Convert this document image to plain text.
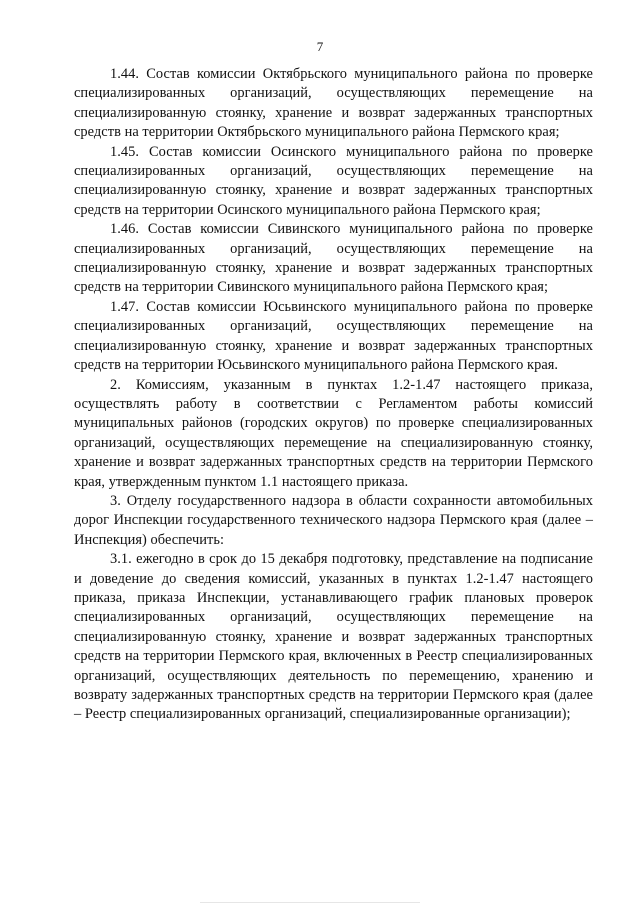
7

1.44. Состав комиссии Октябрьского муниципального района по проверке специализированных организаций, осуществляющих перемещение на специализированную стоянку, хранение и возврат задержанных транспортных средств на территории Октябрьского муниципального района Пермского края;

1.45. Состав комиссии Осинского муниципального района по проверке специализированных организаций, осуществляющих перемещение на специализированную стоянку, хранение и возврат задержанных транспортных средств на территории Осинского муниципального района Пермского края;

1.46. Состав комиссии Сивинского муниципального района по проверке специализированных организаций, осуществляющих перемещение на специализированную стоянку, хранение и возврат задержанных транспортных средств на территории Сивинского муниципального района Пермского края;

1.47. Состав комиссии Юсьвинского муниципального района по проверке специализированных организаций, осуществляющих перемещение на специализированную стоянку, хранение и возврат задержанных транспортных средств на территории Юсьвинского муниципального района Пермского края.

2. Комиссиям, указанным в пунктах 1.2-1.47 настоящего приказа, осуществлять работу в соответствии с Регламентом работы комиссий муниципальных районов (городских округов) по проверке специализированных организаций, осуществляющих перемещение на специализированную стоянку, хранение и возврат задержанных транспортных средств на территории Пермского края, утвержденным пунктом 1.1 настоящего приказа.

3. Отделу государственного надзора в области сохранности автомобильных дорог Инспекции государственного технического надзора Пермского края (далее – Инспекция) обеспечить:

3.1. ежегодно в срок до 15 декабря подготовку, представление на подписание и доведение до сведения комиссий, указанных в пунктах 1.2-1.47 настоящего приказа, приказа Инспекции, устанавливающего график плановых проверок специализированных организаций, осуществляющих перемещение на специализированную стоянку, хранение и возврат задержанных транспортных средств на территории Пермского края, включенных в Реестр специализированных организаций, осуществляющих деятельность по перемещению, хранению и возврату задержанных транспортных средств на территории Пермского края (далее – Реестр специализированных организаций, специализированные организации);
